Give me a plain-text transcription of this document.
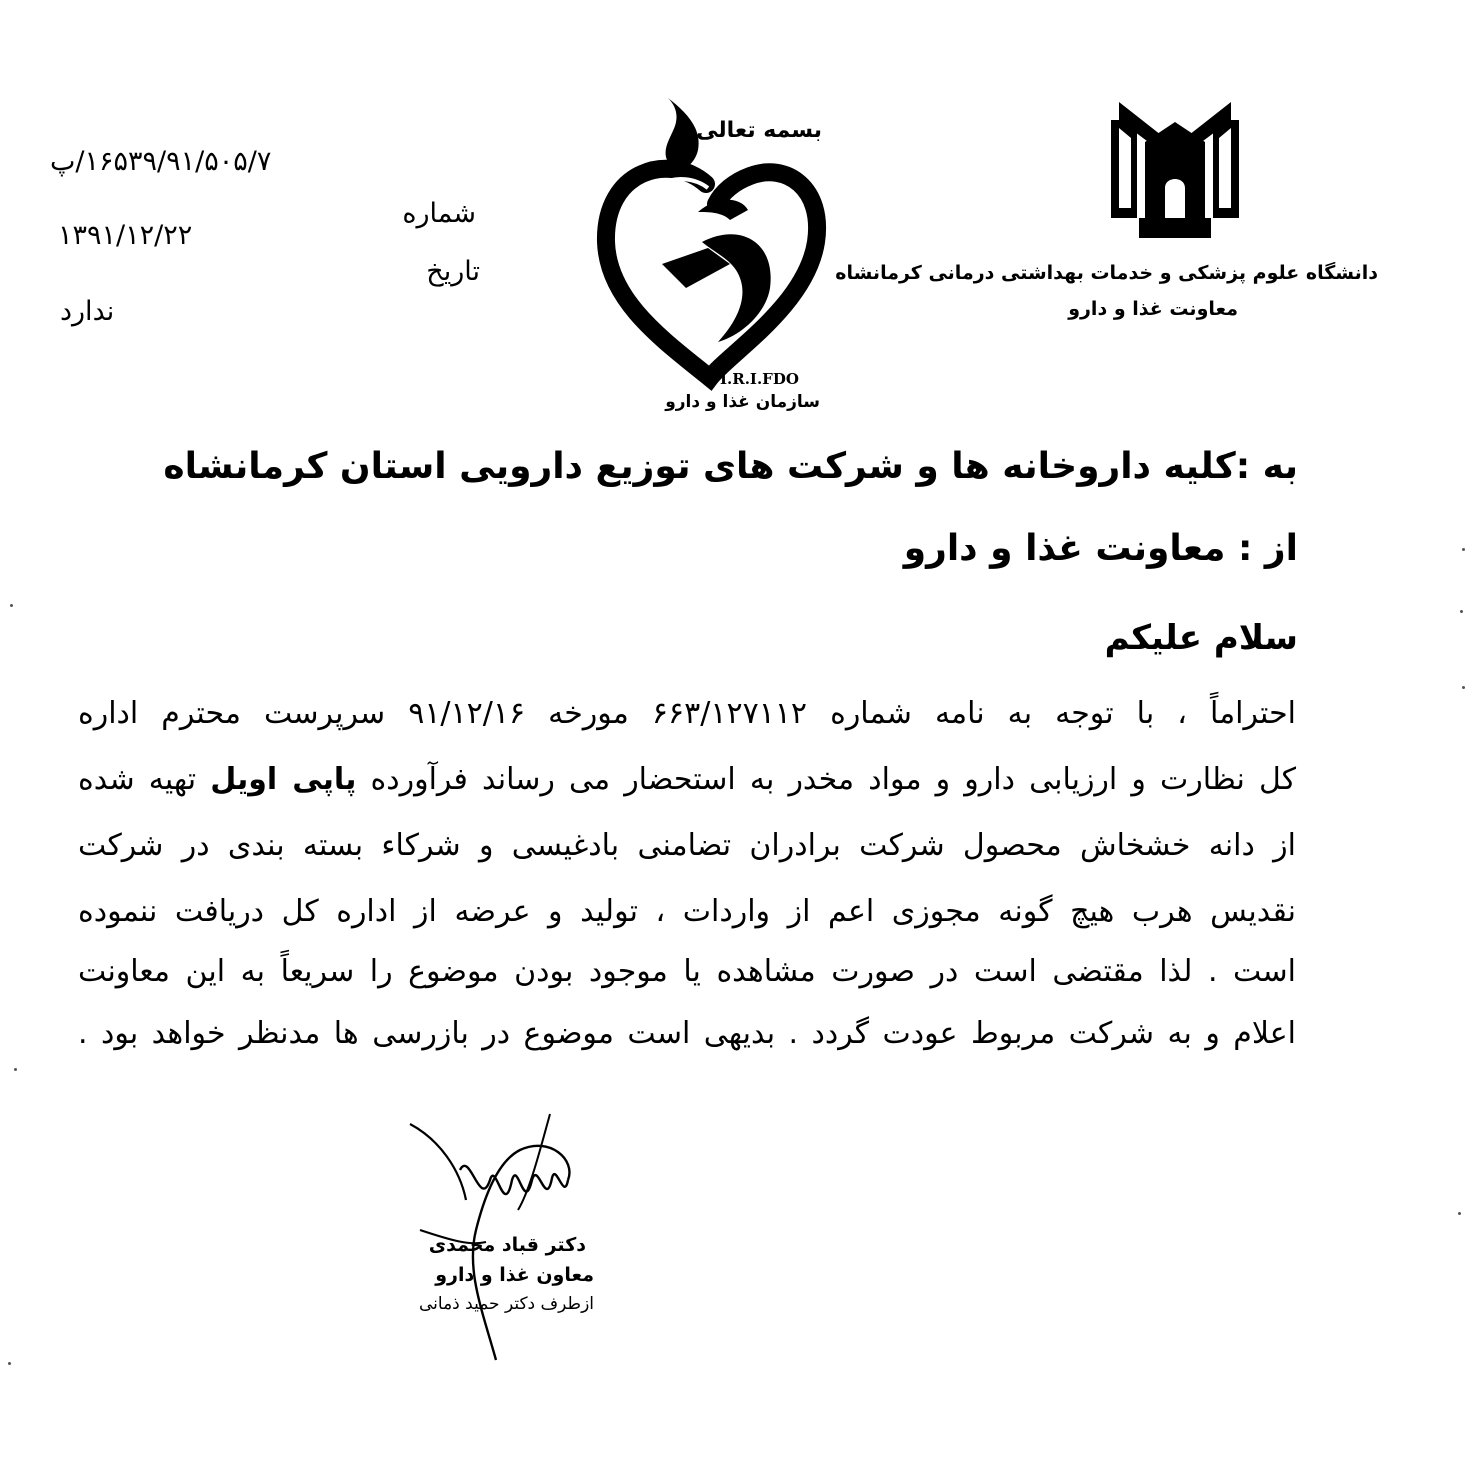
۱۶۵۳۹/۹۱/۵۰۵/۷/پ
۱۳۹۱/۱۲/۲۲
ندارد
شماره
تاریخ
بسمه تعالی
I.R.I.FDO
سازمان غذا و دارو
دانشگاه علوم پزشکی و خدمات بهداشتی درمانی کرمانشاه
معاونت غذا و دارو
به :کلیه داروخانه ها و شرکت های توزیع دارویی استان کرمانشاه
از : معاونت غذا و دارو
سلام علیکم
احتراماً ، با توجه به نامه شماره ۶۶۳/۱۲۷۱۱۲ مورخه ۹۱/۱۲/۱۶ سرپرست محترم اداره
کل نظارت و ارزیابی دارو و مواد مخدر به استحضار می رساند فرآورده پاپی اویل تهیه شده
از دانه خشخاش محصول شرکت برادران تضامنی بادغیسی و شرکاء بسته بندی در شرکت
نقدیس هرب هیچ گونه مجوزی اعم از واردات ، تولید و عرضه از اداره کل دریافت ننموده
است . لذا مقتضی است در صورت مشاهده یا موجود بودن موضوع را سریعاً به این معاونت
اعلام و به شرکت مربوط عودت گردد . بدیهی است موضوع در بازرسی ها مدنظر خواهد بود .
دکتر قباد محمدی
معاون غذا و دارو
ازطرف دکتر حمید ذمانی
